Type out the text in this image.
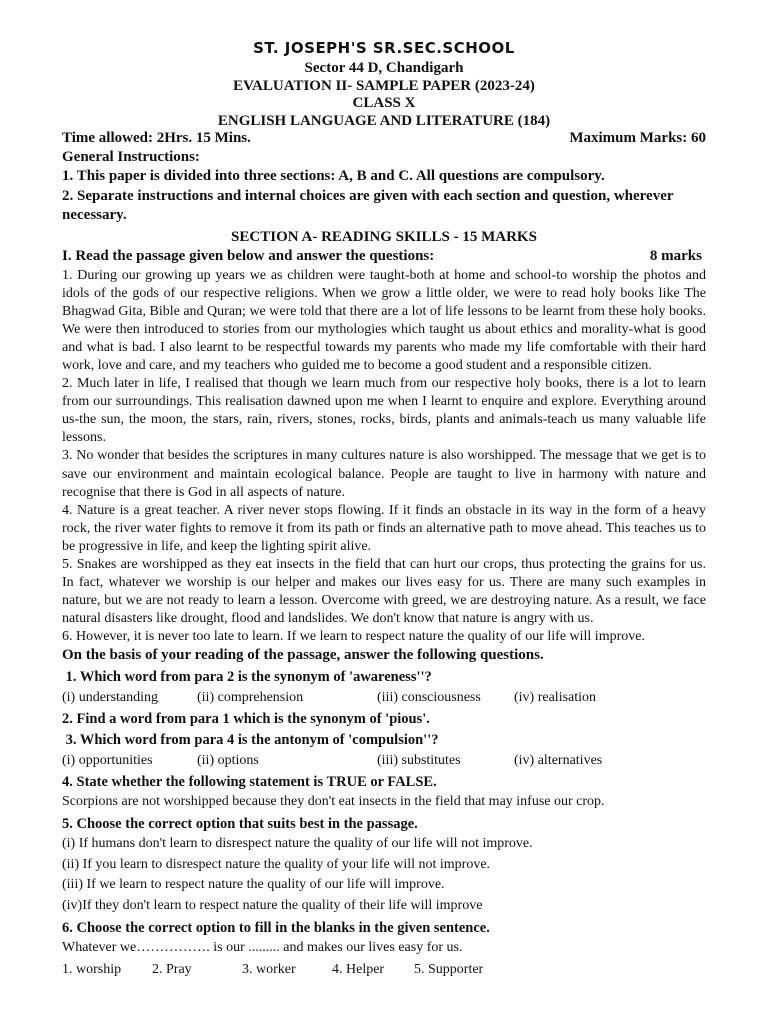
ST. JOSEPH'S SR.SEC.SCHOOL
Sector 44 D, Chandigarh
EVALUATION II- SAMPLE PAPER (2023-24)
CLASS X
ENGLISH LANGUAGE AND LITERATURE (184)
Time allowed: 2Hrs. 15 Mins.	Maximum Marks: 60
General Instructions:
1. This paper is divided into three sections: A, B and C. All questions are compulsory.
2. Separate instructions and internal choices are given with each section and question, wherever necessary.
SECTION A- READING SKILLS - 15 MARKS
I. Read the passage given below and answer the questions:	8 marks
1. During our growing up years we as children were taught-both at home and school-to worship the photos and idols of the gods of our respective religions. When we grow a little older, we were to read holy books like The Bhagwad Gita, Bible and Quran; we were told that there are a lot of life lessons to be learnt from these holy books. We were then introduced to stories from our mythologies which taught us about ethics and morality-what is good and what is bad. I also learnt to be respectful towards my parents who made my life comfortable with their hard work, love and care, and my teachers who guided me to become a good student and a responsible citizen.
2. Much later in life, I realised that though we learn much from our respective holy books, there is a lot to learn from our surroundings. This realisation dawned upon me when I learnt to enquire and explore. Everything around us-the sun, the moon, the stars, rain, rivers, stones, rocks, birds, plants and animals-teach us many valuable life lessons.
3. No wonder that besides the scriptures in many cultures nature is also worshipped. The message that we get is to save our environment and maintain ecological balance. People are taught to live in harmony with nature and recognise that there is God in all aspects of nature.
4. Nature is a great teacher. A river never stops flowing. If it finds an obstacle in its way in the form of a heavy rock, the river water fights to remove it from its path or finds an alternative path to move ahead. This teaches us to be progressive in life, and keep the lighting spirit alive.
5. Snakes are worshipped as they eat insects in the field that can hurt our crops, thus protecting the grains for us. In fact, whatever we worship is our helper and makes our lives easy for us. There are many such examples in nature, but we are not ready to learn a lesson. Overcome with greed, we are destroying nature. As a result, we face natural disasters like drought, flood and landslides. We don't know that nature is angry with us.
6. However, it is never too late to learn. If we learn to respect nature the quality of our life will improve.
On the basis of your reading of the passage, answer the following questions.
1. Which word from para 2 is the synonym of 'awareness''?
(i) understanding	(ii) comprehension	(iii) consciousness	(iv) realisation
2. Find a word from para 1 which is the synonym of 'pious'.
3. Which word from para 4 is the antonym of 'compulsion''?
(i) opportunities	(ii) options	(iii) substitutes	(iv) alternatives
4. State whether the following statement is TRUE or FALSE.
Scorpions are not worshipped because they don't eat insects in the field that may infuse our crop.
5. Choose the correct option that suits best in the passage.
(i) If humans don't learn to disrespect nature the quality of our life will not improve.
(ii) If you learn to disrespect nature the quality of your life will not improve.
(iii) If we learn to respect nature the quality of our life will improve.
(iv)If they don't learn to respect nature the quality of their life will improve
6. Choose the correct option to fill in the blanks in the given sentence.
Whatever we……………. is our ......... and makes our lives easy for us.
1. worship	2. Pray	3. worker	4. Helper	5. Supporter
